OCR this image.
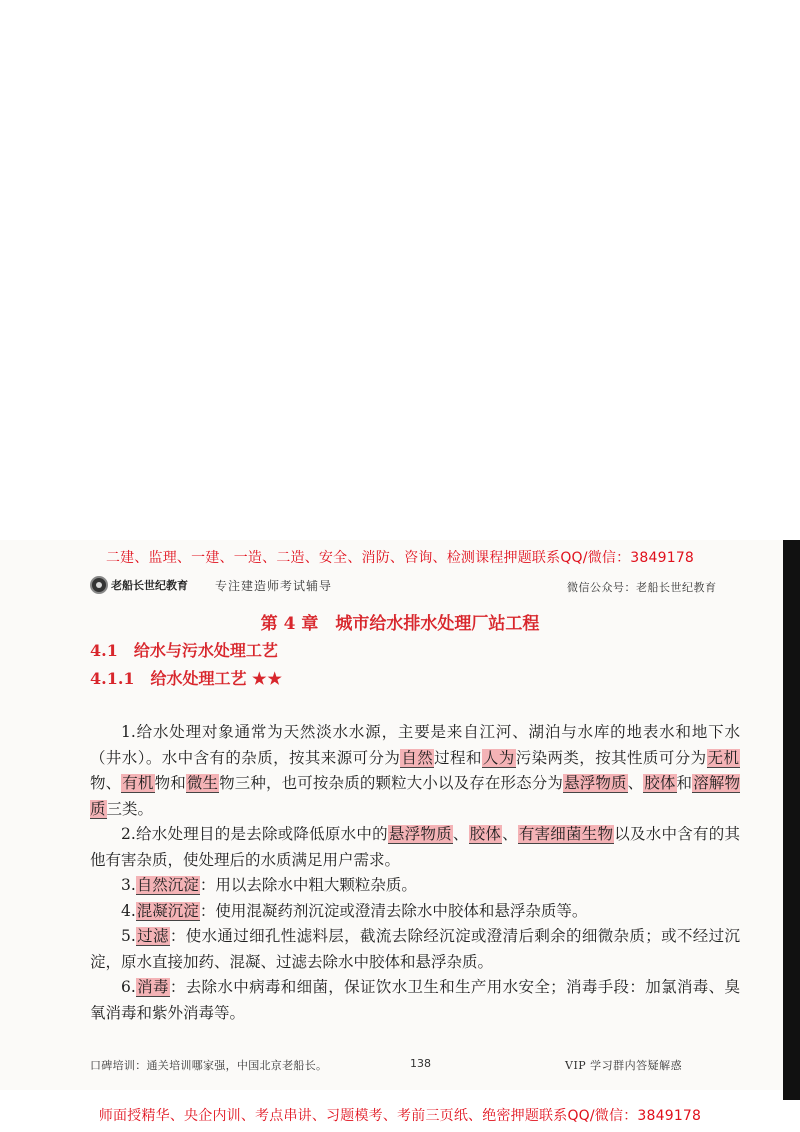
二建、监理、一建、一造、二造、安全、消防、咨询、检测课程押题联系QQ/微信：3849178
老船长世纪教育 专注建造师考试辅导	微信公众号：老船长世纪教育
第 4 章　城市给水排水处理厂站工程
4.1　给水与污水处理工艺
4.1.1　给水处理工艺 ★★

1.给水处理对象通常为天然淡水水源，主要是来自江河、湖泊与水库的地表水和地下水（井水）。水中含有的杂质，按其来源可分为自然过程和人为污染两类，按其性质可分为无机物、有机物和微生物三种，也可按杂质的颗粒大小以及存在形态分为悬浮物质、胶体和溶解物质三类。

2.给水处理目的是去除或降低原水中的悬浮物质、胶体、有害细菌生物以及水中含有的其他有害杂质，使处理后的水质满足用户需求。

3.自然沉淀：用以去除水中粗大颗粒杂质。

4.混凝沉淀：使用混凝药剂沉淀或澄清去除水中胶体和悬浮杂质等。

5.过滤：使水通过细孔性滤料层，截流去除经沉淀或澄清后剩余的细微杂质；或不经过沉淀，原水直接加药、混凝、过滤去除水中胶体和悬浮杂质。

6.消毒：去除水中病毒和细菌，保证饮水卫生和生产用水安全；消毒手段：加氯消毒、臭氧消毒和紫外消毒等。

口碑培训：通关培训哪家强，中国北京老船长。	138	VIP 学习群内答疑解惑
师面授精华、央企内训、考点串讲、习题模考、考前三页纸、绝密押题联系QQ/微信：3849178
